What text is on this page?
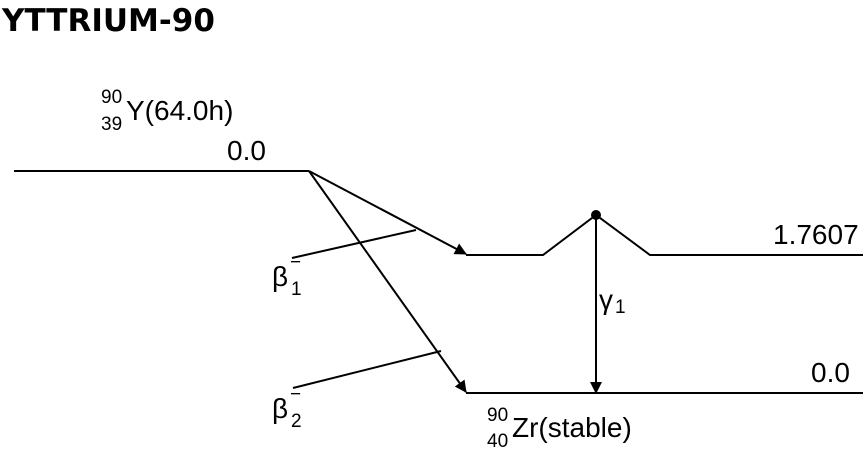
YTTRIUM-90
90
39 Y(64.0h)
0.0
β −
1
β −
2
1.7607
γ 1
0.0
90
40 Zr(stable)
